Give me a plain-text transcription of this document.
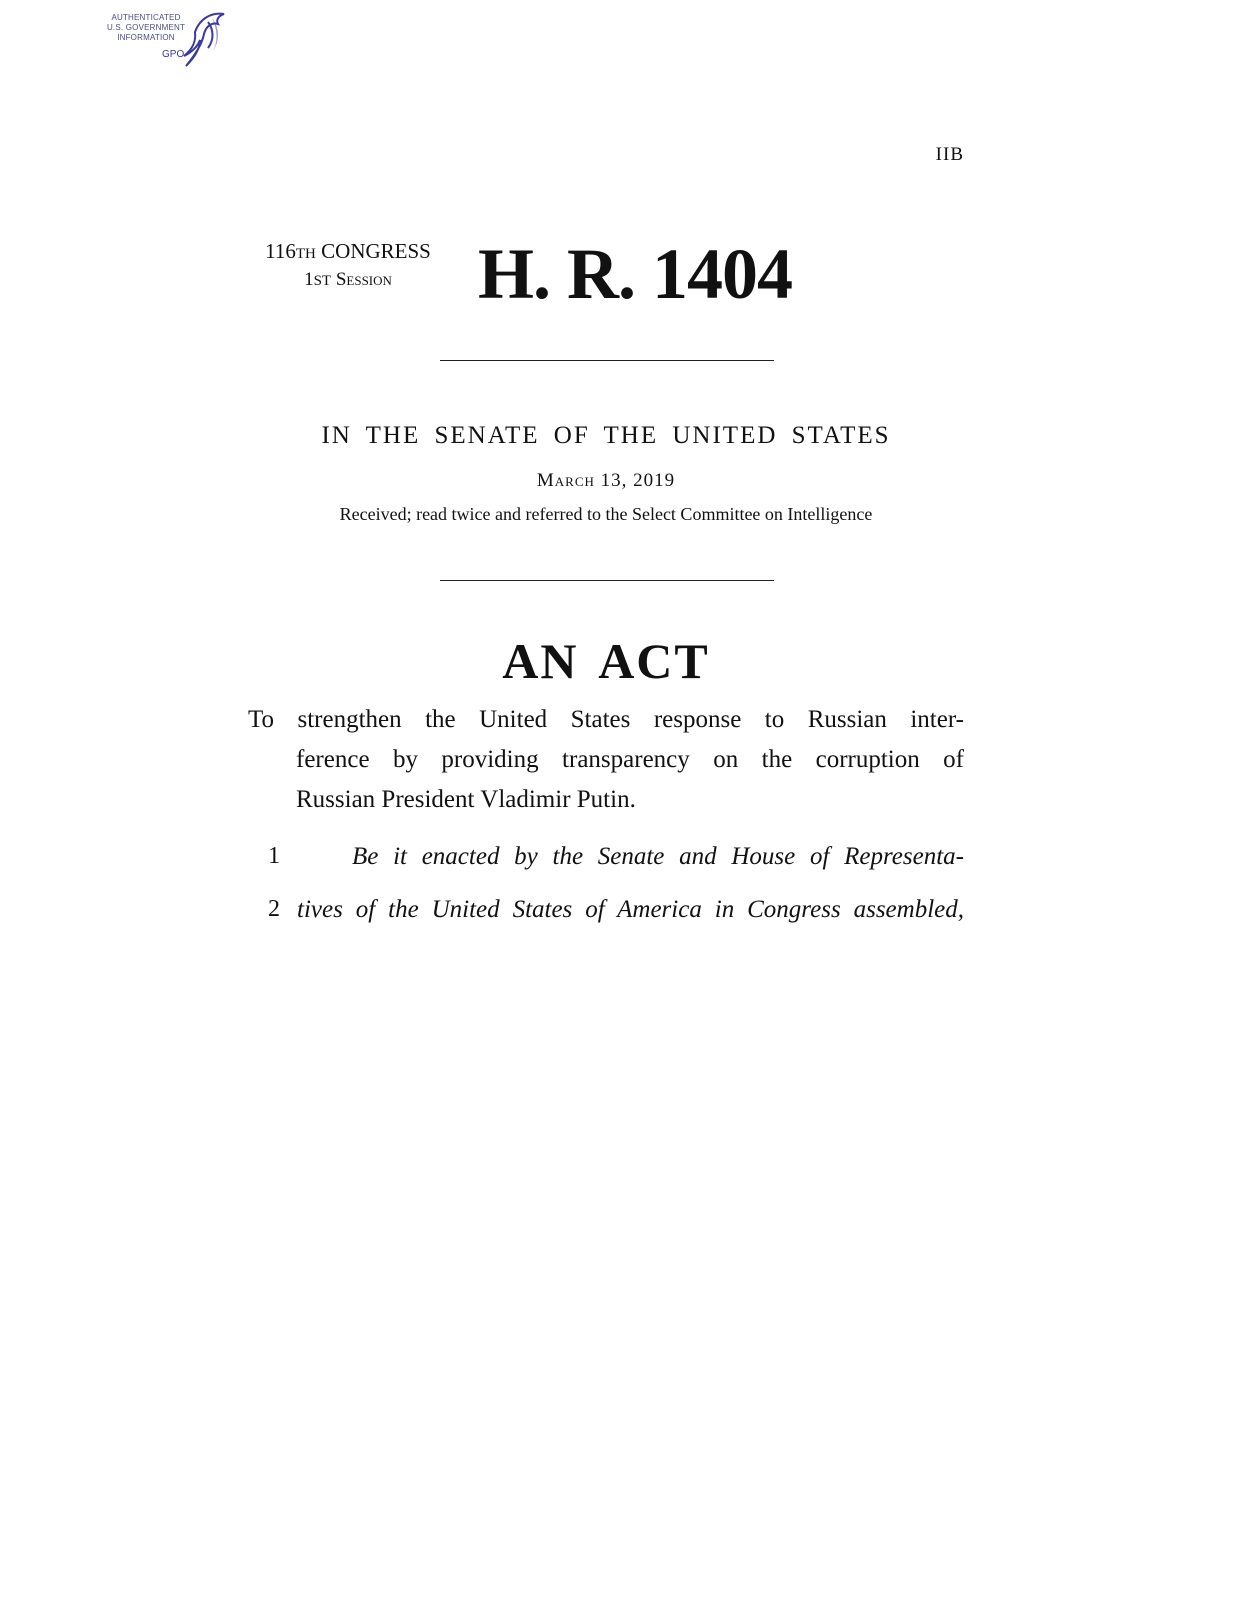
AUTHENTICATED
U.S. GOVERNMENT
INFORMATION
GPO
IIB
116TH CONGRESS
1ST Session	H. R. 1404
IN THE SENATE OF THE UNITED STATES
March 13, 2019
Received; read twice and referred to the Select Committee on Intelligence
AN ACT
To strengthen the United States response to Russian inter-
ference by providing transparency on the corruption of
Russian President Vladimir Putin.
1	Be it enacted by the Senate and House of Representa-
2 tives of the United States of America in Congress assembled,
